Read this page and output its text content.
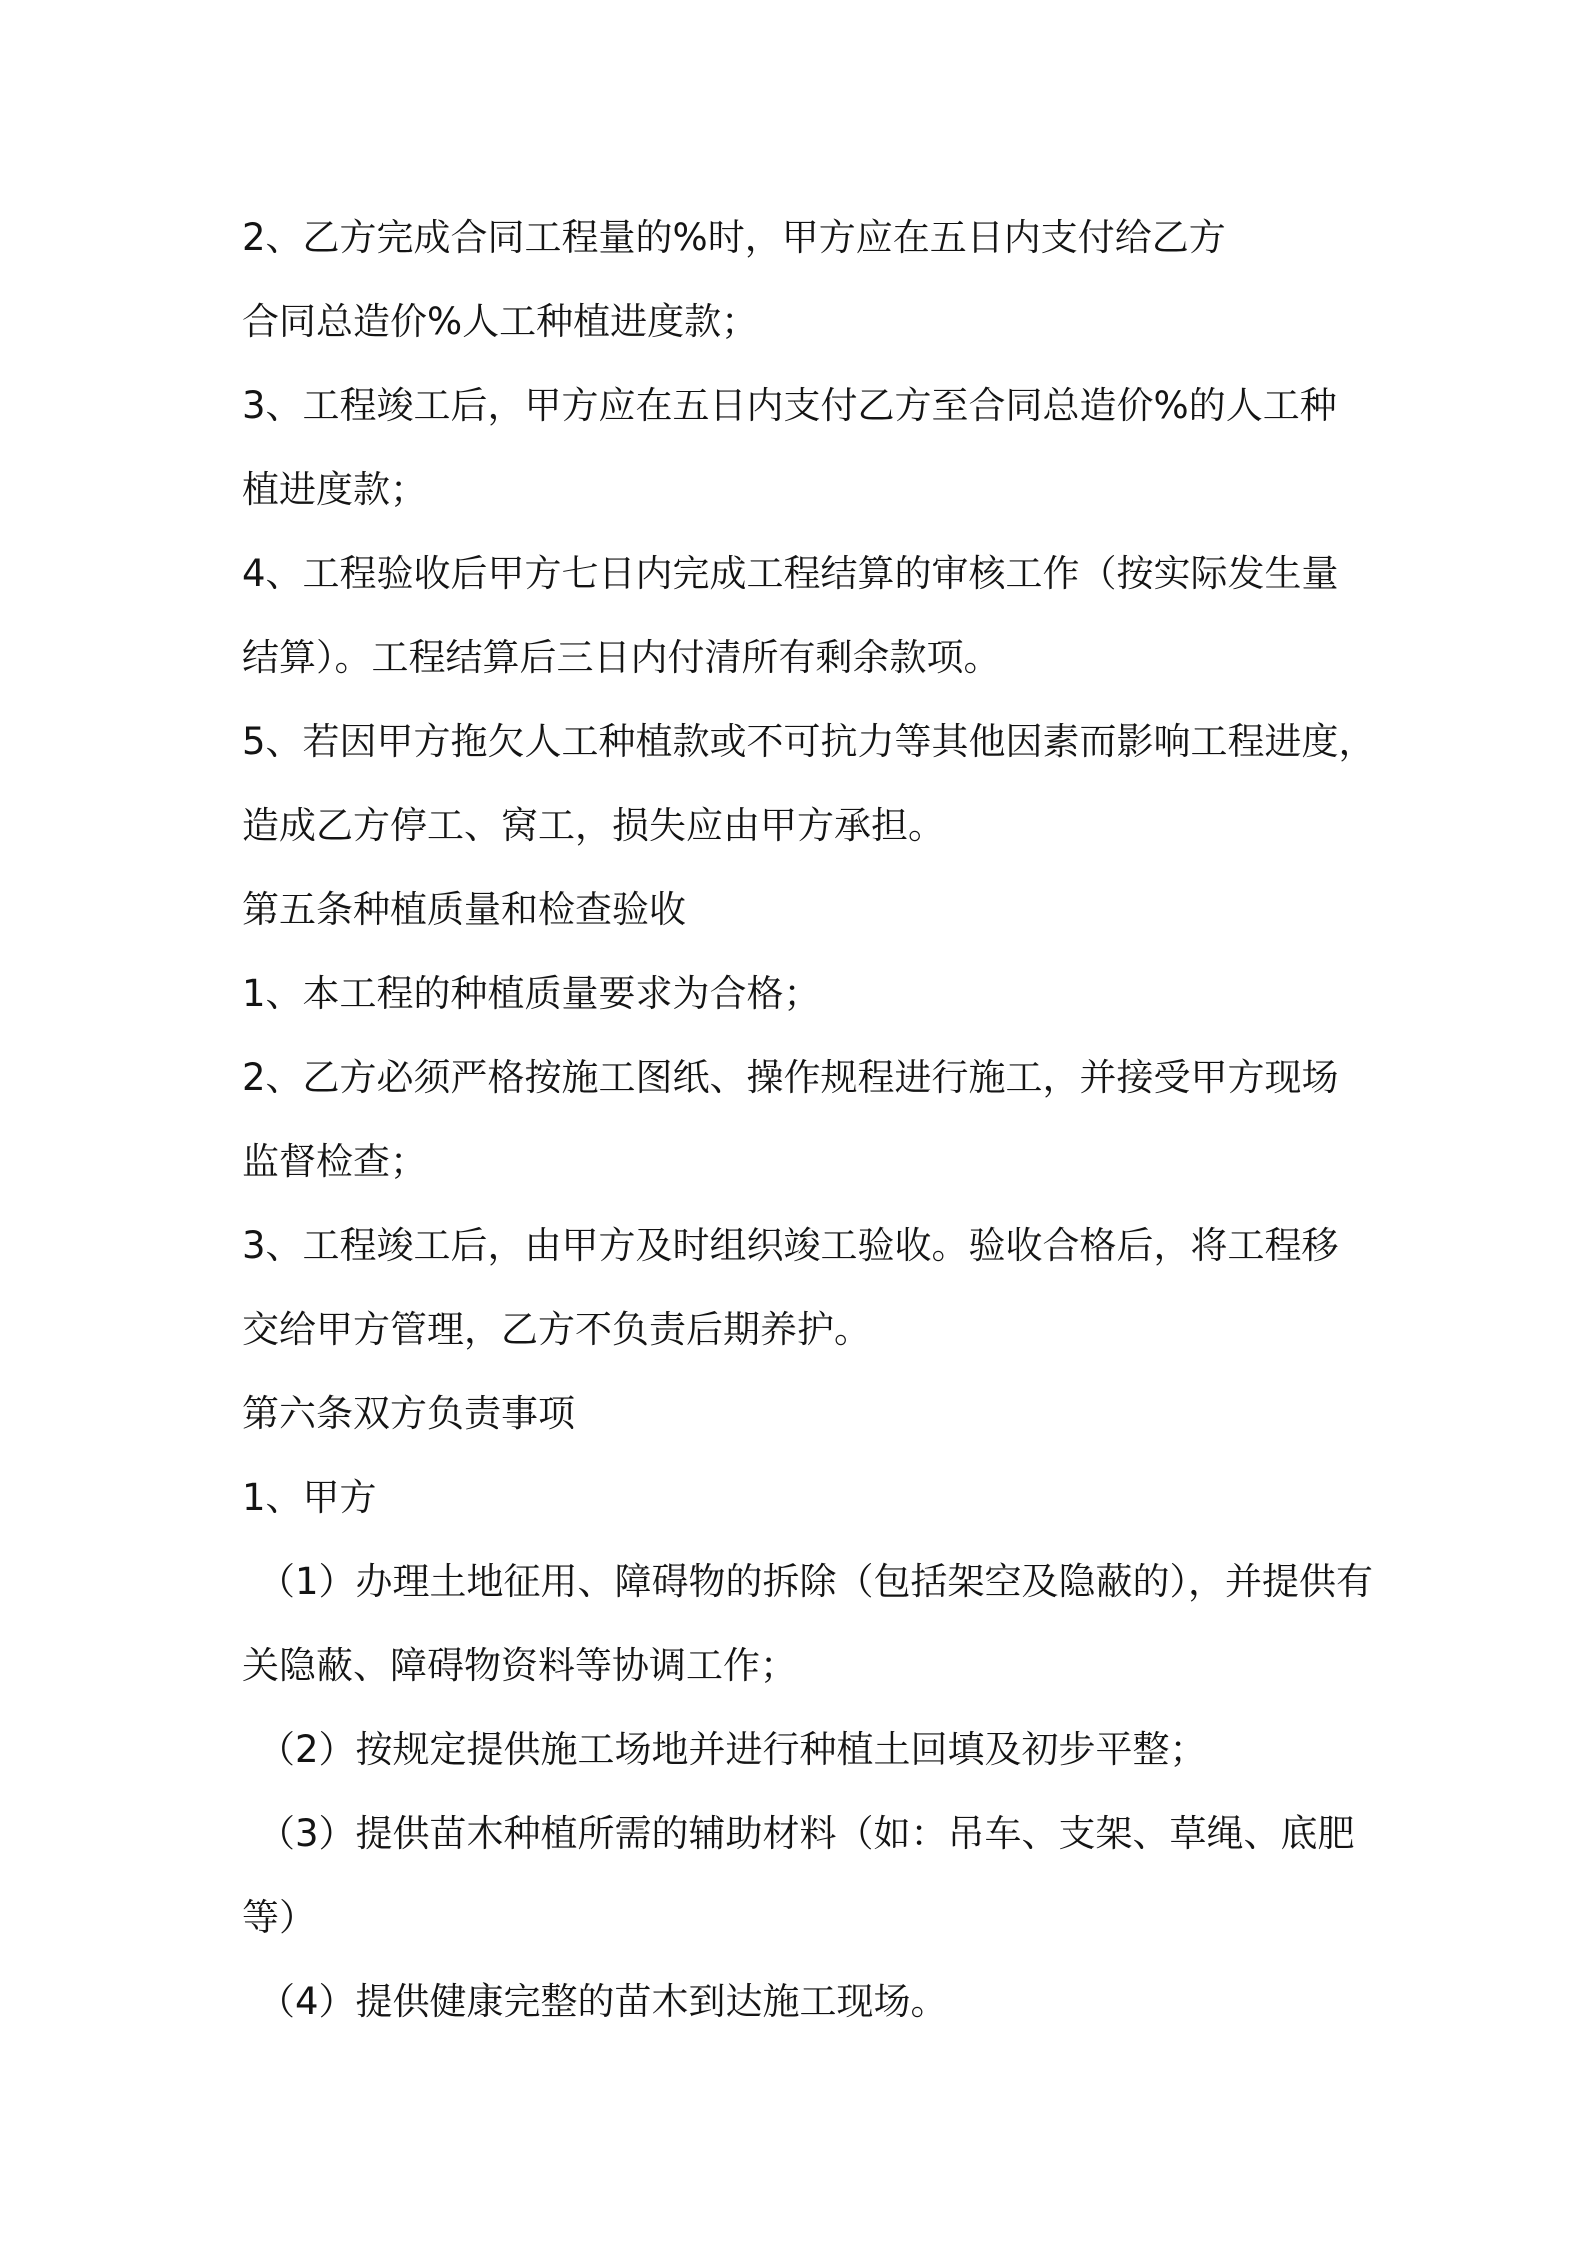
2、乙方完成合同工程量的%时，甲方应在五日内支付给乙方
合同总造价%人工种植进度款；
3、工程竣工后，甲方应在五日内支付乙方至合同总造价%的人工种
植进度款；
4、工程验收后甲方七日内完成工程结算的审核工作（按实际发生量
结算）。工程结算后三日内付清所有剩余款项。
5、若因甲方拖欠人工种植款或不可抗力等其他因素而影响工程进度，
造成乙方停工、窝工，损失应由甲方承担。
第五条种植质量和检查验收
1、本工程的种植质量要求为合格；
2、乙方必须严格按施工图纸、操作规程进行施工，并接受甲方现场
监督检查；
3、工程竣工后，由甲方及时组织竣工验收。验收合格后，将工程移
交给甲方管理，乙方不负责后期养护。
第六条双方负责事项
1、甲方
（1）办理土地征用、障碍物的拆除（包括架空及隐蔽的），并提供有
关隐蔽、障碍物资料等协调工作；
（2）按规定提供施工场地并进行种植土回填及初步平整；
（3）提供苗木种植所需的辅助材料（如：吊车、支架、草绳、底肥
等）
（4）提供健康完整的苗木到达施工现场。
